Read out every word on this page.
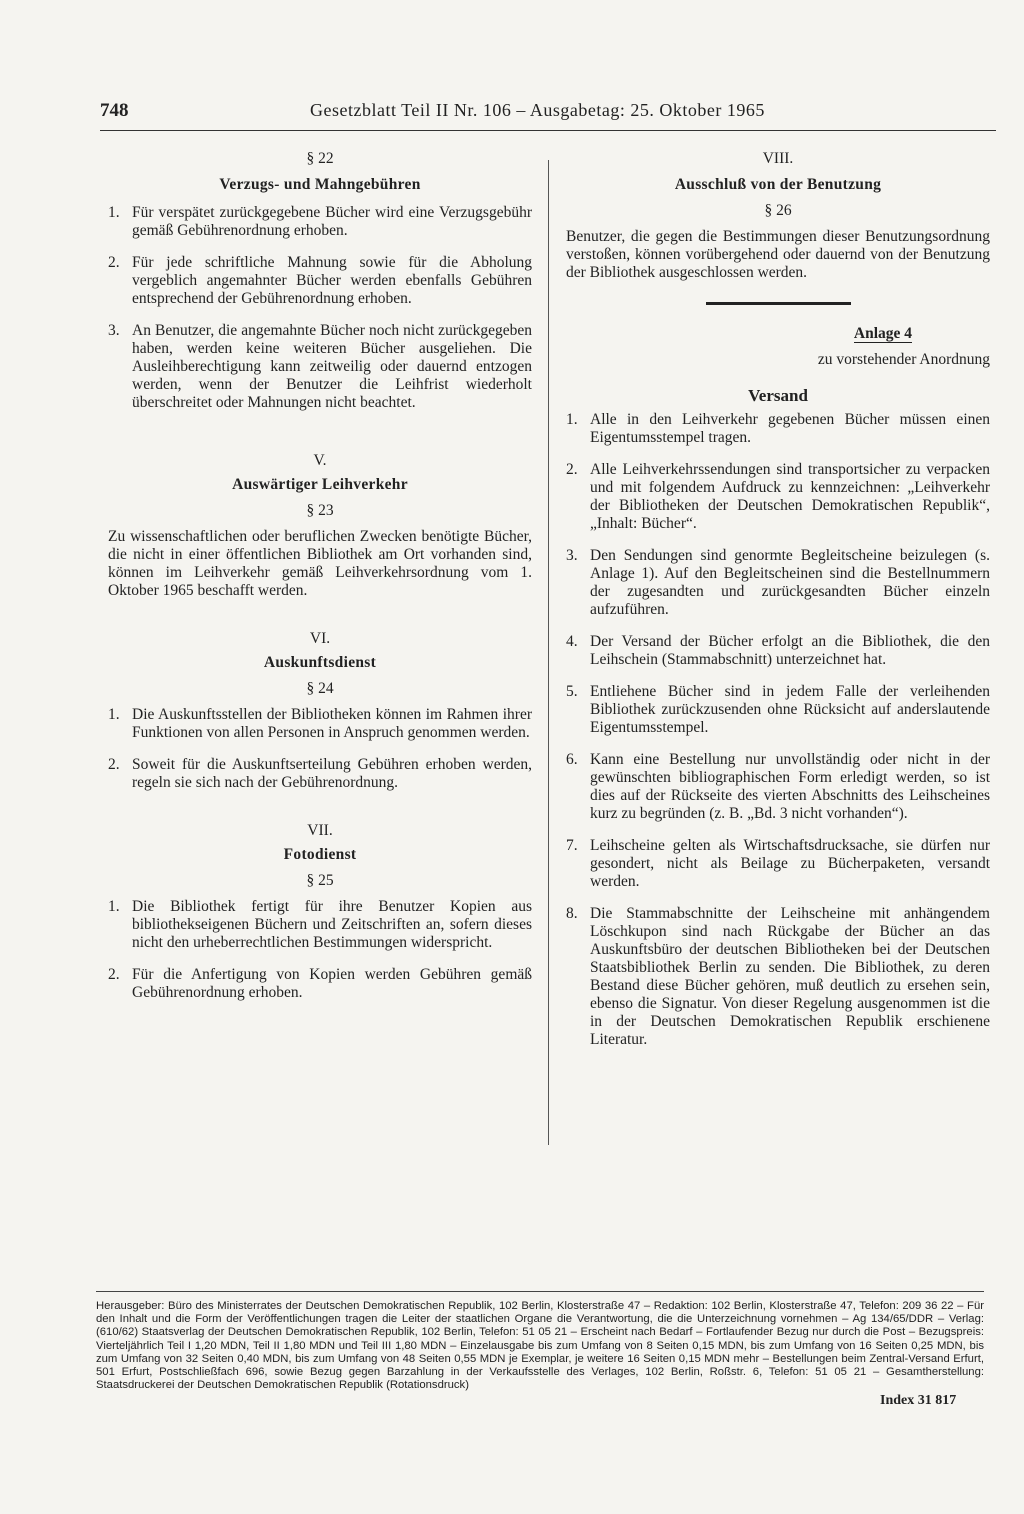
748	Gesetzblatt Teil II Nr. 106 – Ausgabetag: 25. Oktober 1965
§ 22
Verzugs- und Mahngebühren
1. Für verspätet zurückgegebene Bücher wird eine Verzugsgebühr gemäß Gebührenordnung erhoben.
2. Für jede schriftliche Mahnung sowie für die Abholung vergeblich angemahnter Bücher werden ebenfalls Gebühren entsprechend der Gebührenordnung erhoben.
3. An Benutzer, die angemahnte Bücher noch nicht zurückgegeben haben, werden keine weiteren Bücher ausgeliehen. Die Ausleihberechtigung kann zeitweilig oder dauernd entzogen werden, wenn der Benutzer die Leihfrist wiederholt überschreitet oder Mahnungen nicht beachtet.
V.
Auswärtiger Leihverkehr
§ 23
Zu wissenschaftlichen oder beruflichen Zwecken benötigte Bücher, die nicht in einer öffentlichen Bibliothek am Ort vorhanden sind, können im Leihverkehr gemäß Leihverkehrsordnung vom 1. Oktober 1965 beschafft werden.
VI.
Auskunftsdienst
§ 24
1. Die Auskunftsstellen der Bibliotheken können im Rahmen ihrer Funktionen von allen Personen in Anspruch genommen werden.
2. Soweit für die Auskunftserteilung Gebühren erhoben werden, regeln sie sich nach der Gebührenordnung.
VII.
Fotodienst
§ 25
1. Die Bibliothek fertigt für ihre Benutzer Kopien aus bibliothekseigenen Büchern und Zeitschriften an, sofern dieses nicht den urheberrechtlichen Bestimmungen widerspricht.
2. Für die Anfertigung von Kopien werden Gebühren gemäß Gebührenordnung erhoben.
VIII.
Ausschluß von der Benutzung
§ 26
Benutzer, die gegen die Bestimmungen dieser Benutzungsordnung verstoßen, können vorübergehend oder dauernd von der Benutzung der Bibliothek ausgeschlossen werden.
Anlage 4
zu vorstehender Anordnung
Versand
1. Alle in den Leihverkehr gegebenen Bücher müssen einen Eigentumsstempel tragen.
2. Alle Leihverkehrssendungen sind transportsicher zu verpacken und mit folgendem Aufdruck zu kennzeichnen: „Leihverkehr der Bibliotheken der Deutschen Demokratischen Republik“, „Inhalt: Bücher“.
3. Den Sendungen sind genormte Begleitscheine beizulegen (s. Anlage 1). Auf den Begleitscheinen sind die Bestellnummern der zugesandten und zurückgesandten Bücher einzeln aufzuführen.
4. Der Versand der Bücher erfolgt an die Bibliothek, die den Leihschein (Stammabschnitt) unterzeichnet hat.
5. Entliehene Bücher sind in jedem Falle der verleihenden Bibliothek zurückzusenden ohne Rücksicht auf anderslautende Eigentumsstempel.
6. Kann eine Bestellung nur unvollständig oder nicht in der gewünschten bibliographischen Form erledigt werden, so ist dies auf der Rückseite des vierten Abschnitts des Leihscheines kurz zu begründen (z. B. „Bd. 3 nicht vorhanden“).
7. Leihscheine gelten als Wirtschaftsdrucksache, sie dürfen nur gesondert, nicht als Beilage zu Bücherpaketen, versandt werden.
8. Die Stammabschnitte der Leihscheine mit anhängendem Löschkupon sind nach Rückgabe der Bücher an das Auskunftsbüro der deutschen Bibliotheken bei der Deutschen Staatsbibliothek Berlin zu senden. Die Bibliothek, zu deren Bestand diese Bücher gehören, muß deutlich zu ersehen sein, ebenso die Signatur. Von dieser Regelung ausgenommen ist die in der Deutschen Demokratischen Republik erschienene Literatur.
Herausgeber: Büro des Ministerrates der Deutschen Demokratischen Republik, 102 Berlin, Klosterstraße 47 – Redaktion: 102 Berlin, Klosterstraße 47, Telefon: 209 36 22 – Für den Inhalt und die Form der Veröffentlichungen tragen die Leiter der staatlichen Organe die Verantwortung, die die Unterzeichnung vornehmen – Ag 134/65/DDR – Verlag: (610/62) Staatsverlag der Deutschen Demokratischen Republik, 102 Berlin, Telefon: 51 05 21 – Erscheint nach Bedarf – Fortlaufender Bezug nur durch die Post – Bezugspreis: Vierteljährlich Teil I 1,20 MDN, Teil II 1,80 MDN und Teil III 1,80 MDN – Einzelausgabe bis zum Umfang von 8 Seiten 0,15 MDN, bis zum Umfang von 16 Seiten 0,25 MDN, bis zum Umfang von 32 Seiten 0,40 MDN, bis zum Umfang von 48 Seiten 0,55 MDN je Exemplar, je weitere 16 Seiten 0,15 MDN mehr – Bestellungen beim Zentral-Versand Erfurt, 501 Erfurt, Postschließfach 696, sowie Bezug gegen Barzahlung in der Verkaufsstelle des Verlages, 102 Berlin, Roßstr. 6, Telefon: 51 05 21 – Gesamtherstellung: Staatsdruckerei der Deutschen Demokratischen Republik (Rotationsdruck)
Index 31 817
